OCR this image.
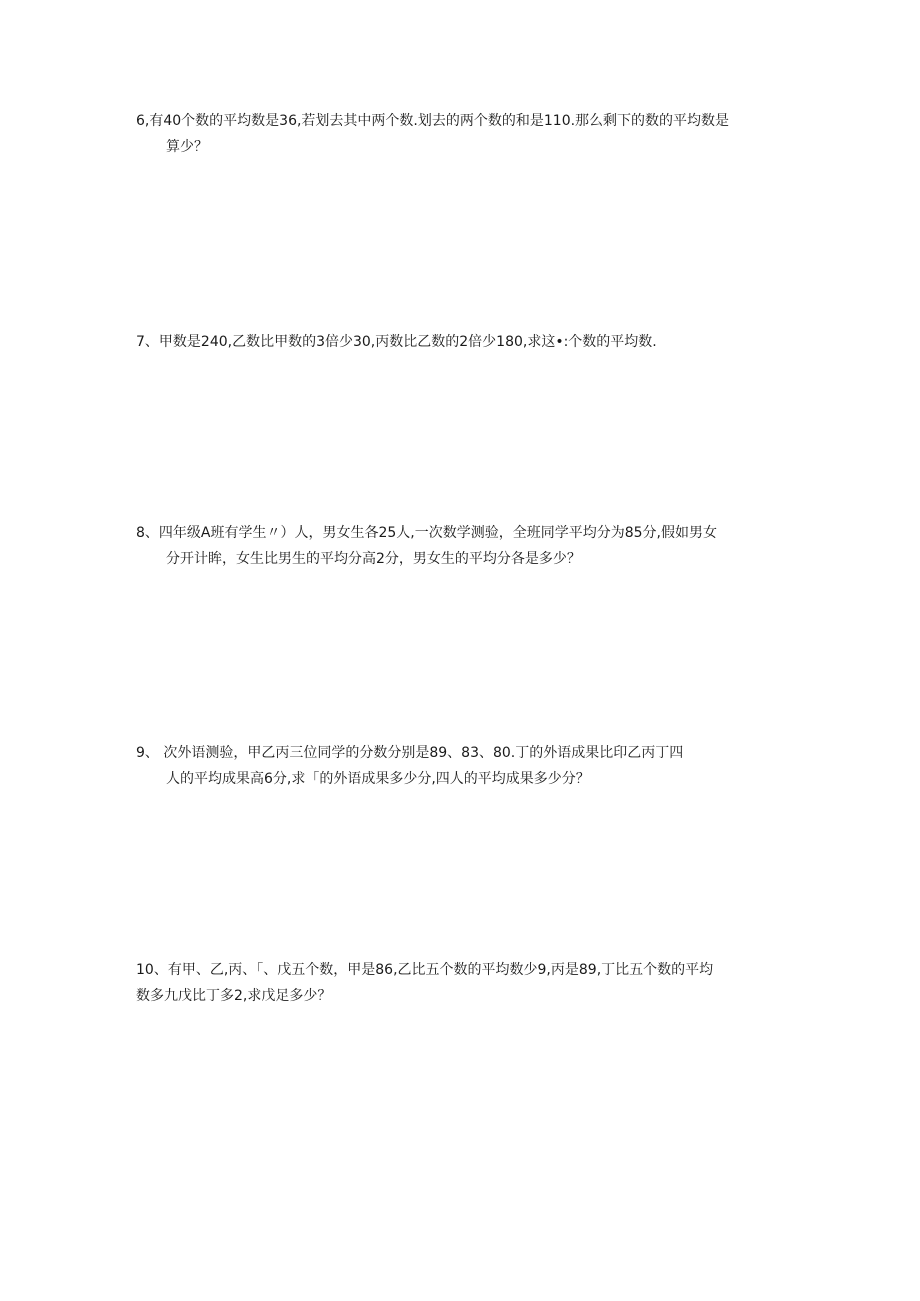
6,有40个数的平均数是36,若划去其中两个数.划去的两个数的和是110.那么剩下的数的平均数是
算少？
7、甲数是240,乙数比甲数的3倍少30,丙数比乙数的2倍少180,求这•:个数的平均数.
8、四年级A班有学生〃）人，男女生各25人,一次数学测验，全班同学平均分为85分,假如男女
分开计眸，女生比男生的平均分高2分，男女生的平均分各是多少？
9、 次外语测验，甲乙丙三位同学的分数分别是89、83、80.丁的外语成果比印乙丙丁四
人的平均成果高6分,求「的外语成果多少分,四人的平均成果多少分？
10、有甲、乙,丙、「、戊五个数，甲是86,乙比五个数的平均数少9,丙是89,丁比五个数的平均
数多九戊比丁多2,求戊足多少？
